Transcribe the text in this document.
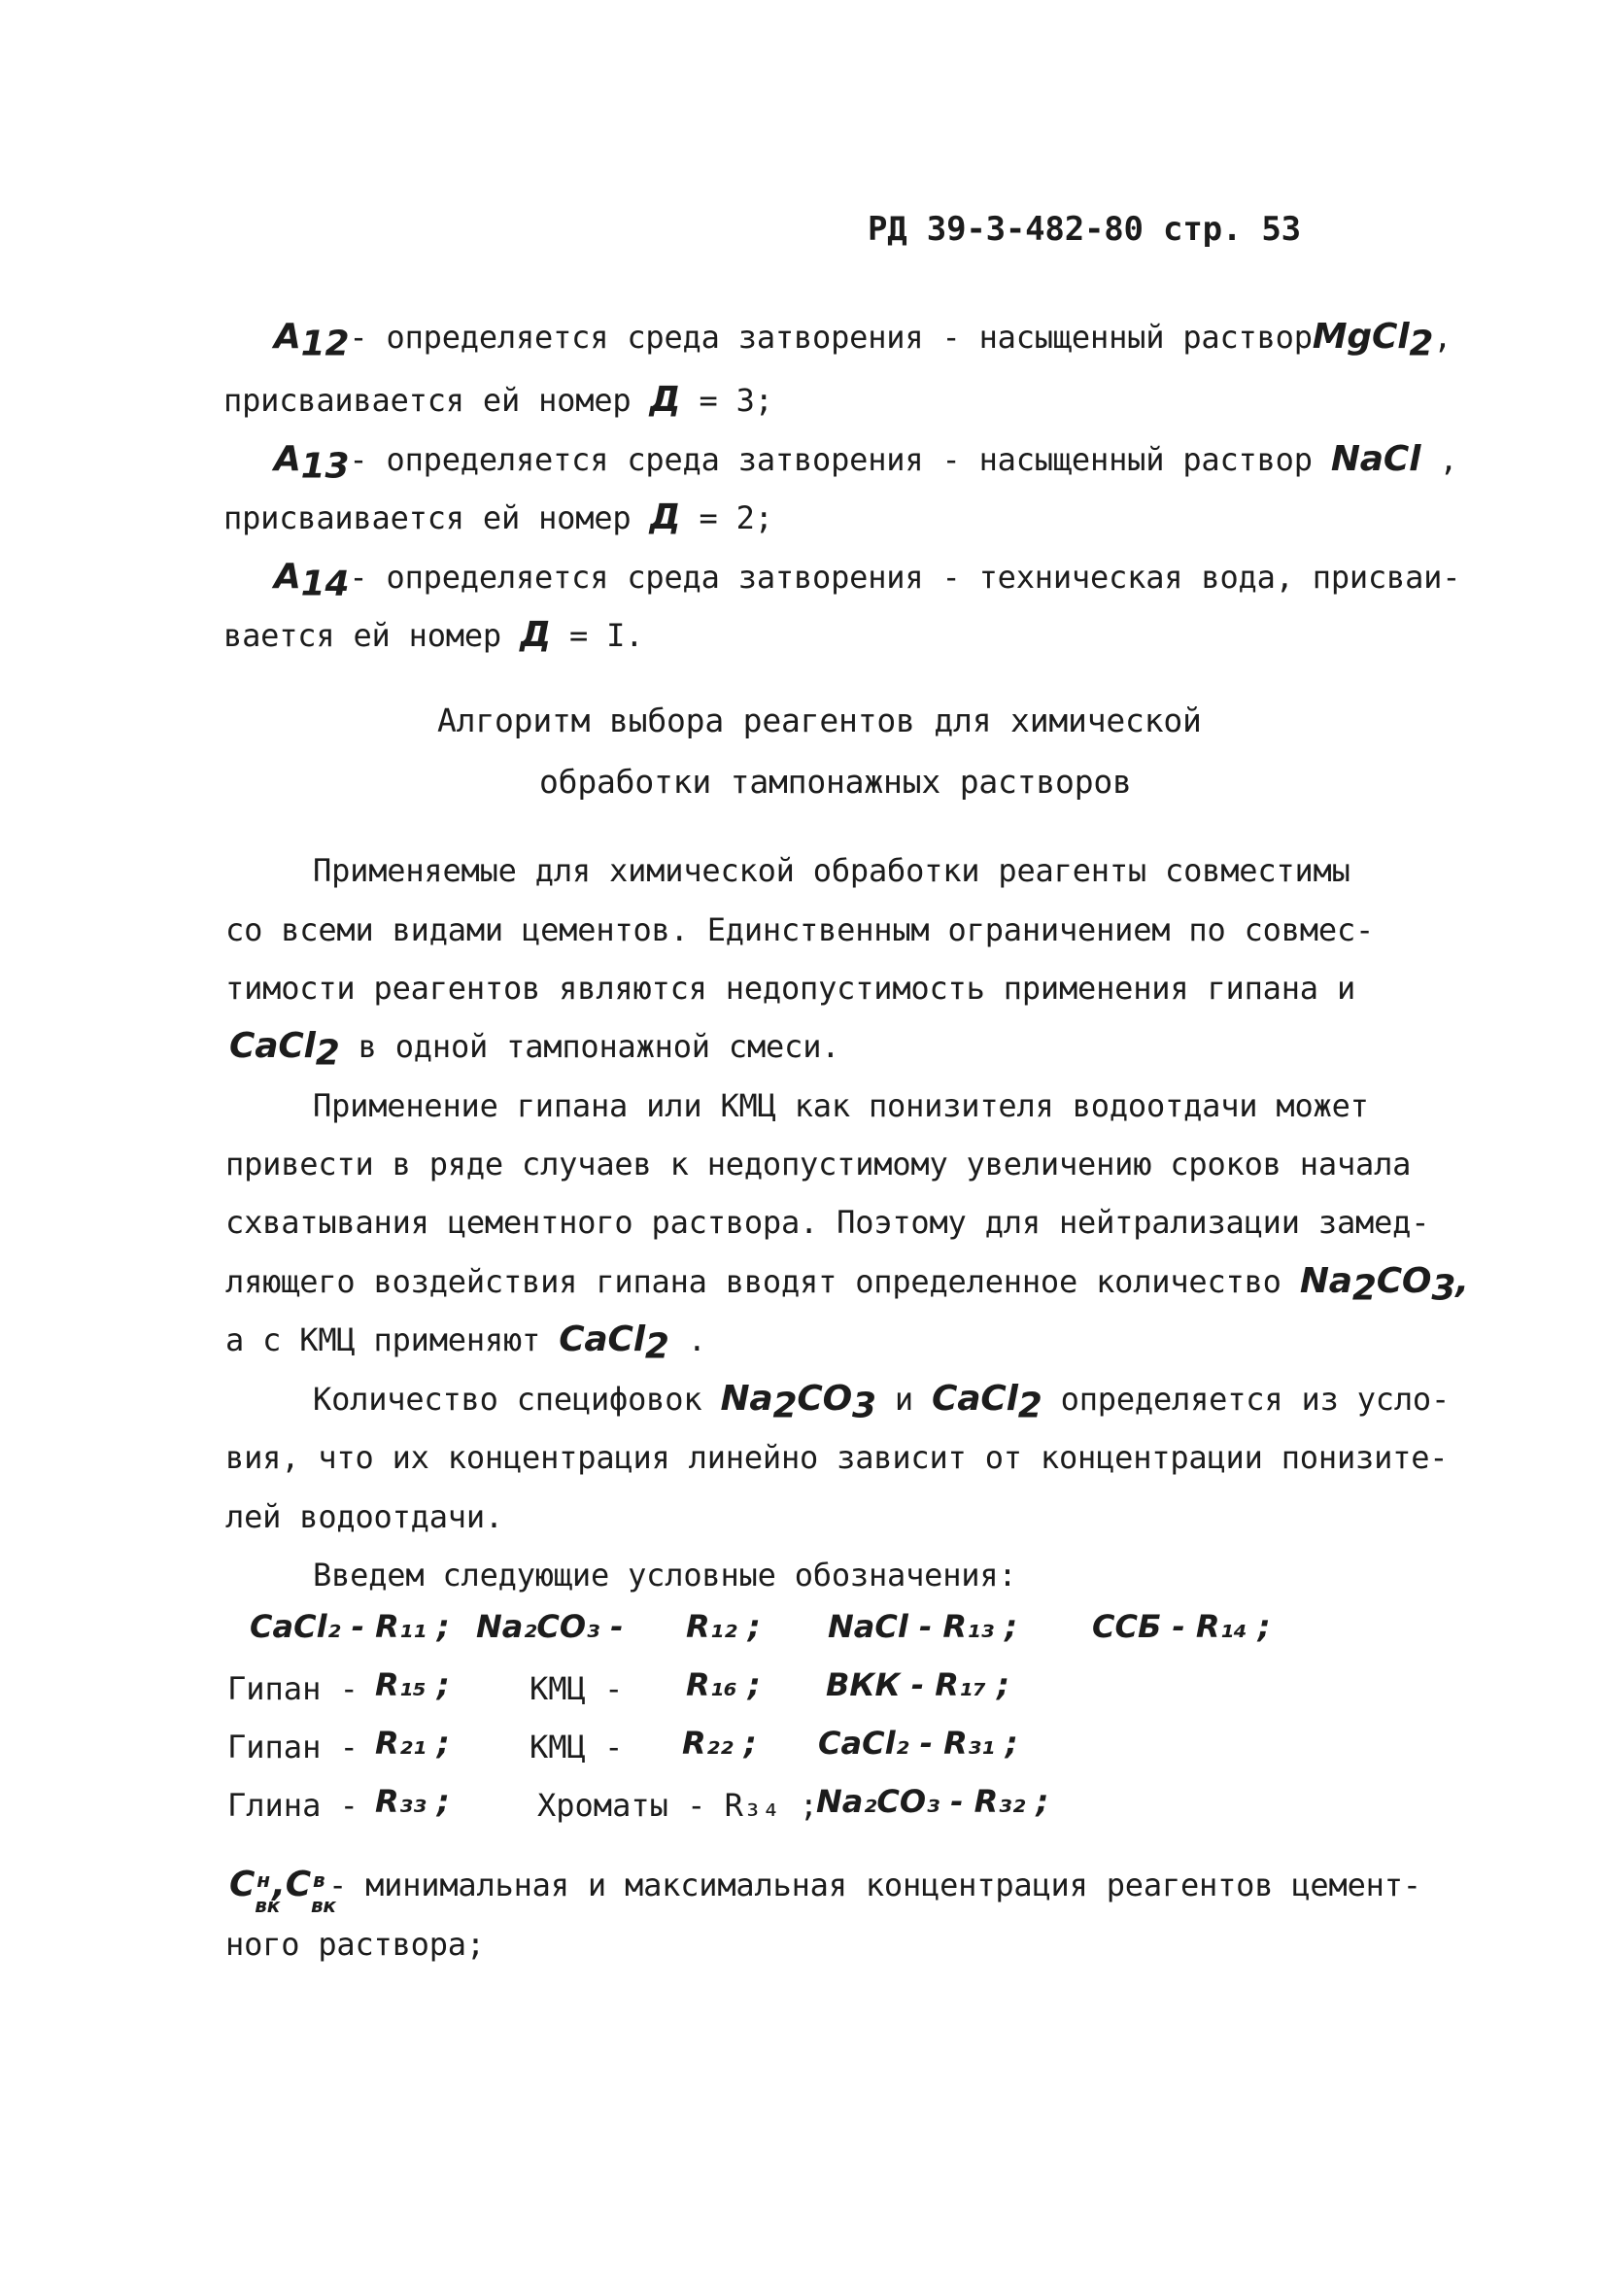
РД 39-3-482-80 стр. 53
$A_{12}-$ определяется среда затворения - насыщенный растворMgCl$_2$,
присваивается ей номер Д = 3;
$A_{13}-$ определяется среда затворения - насыщенный раствор NaCl ,
присваивается ей номер Д = 2;
$A_{14}-$ определяется среда затворения - техническая вода, присваи-
вается ей номер Д = I.
Алгоритм выбора реагентов для химической
обработки тампонажных растворов
Применяемые для химической обработки реагенты совместимы
со всеми видами цементов. Единственным ограничением по совмес-
тимости реагентов являются недопустимость применения гипана и
CaCl$_2$ в одной тампонажной смеси.
Применение гипана или КМЦ как понизителя водоотдачи может
привести в ряде случаев к недопустимому увеличению сроков начала
схватывания цементного раствора. Поэтому для нейтрализации замед-
ляющего воздействия гипана вводят определенное количество $Na_2CO_3$,
а с КМЦ применяют CaCl$_2$ .
Количество специфовок $Na_2CO_3$ и CaCl$_2$ определяется из усло-
вия, что их концентрация линейно зависит от концентрации понизите-
лей водоотдачи.
Введем следующие условные обозначения:
CaCl₂ - R₁₁ ; Na₂CO₃ - R₁₂ ; NaCl - R₁₃ ; ССБ - R₁₄ ;
Гипан - R₁₅ ;	КМЦ - R₁₆ ; ВКК - R₁₇ ;
Гипан - R₂₁ ;	КМЦ - R₂₂ ; CaCl₂ - R₃₁ ;
Глина - R₃₃ ;	Хроматы - R₃₄ ;
Na₂CO₃ - R₃₂ ;
C н
вк
,C в
вк
- минимальная и максимальная концентрация реагентов цемент-
ного раствора;
